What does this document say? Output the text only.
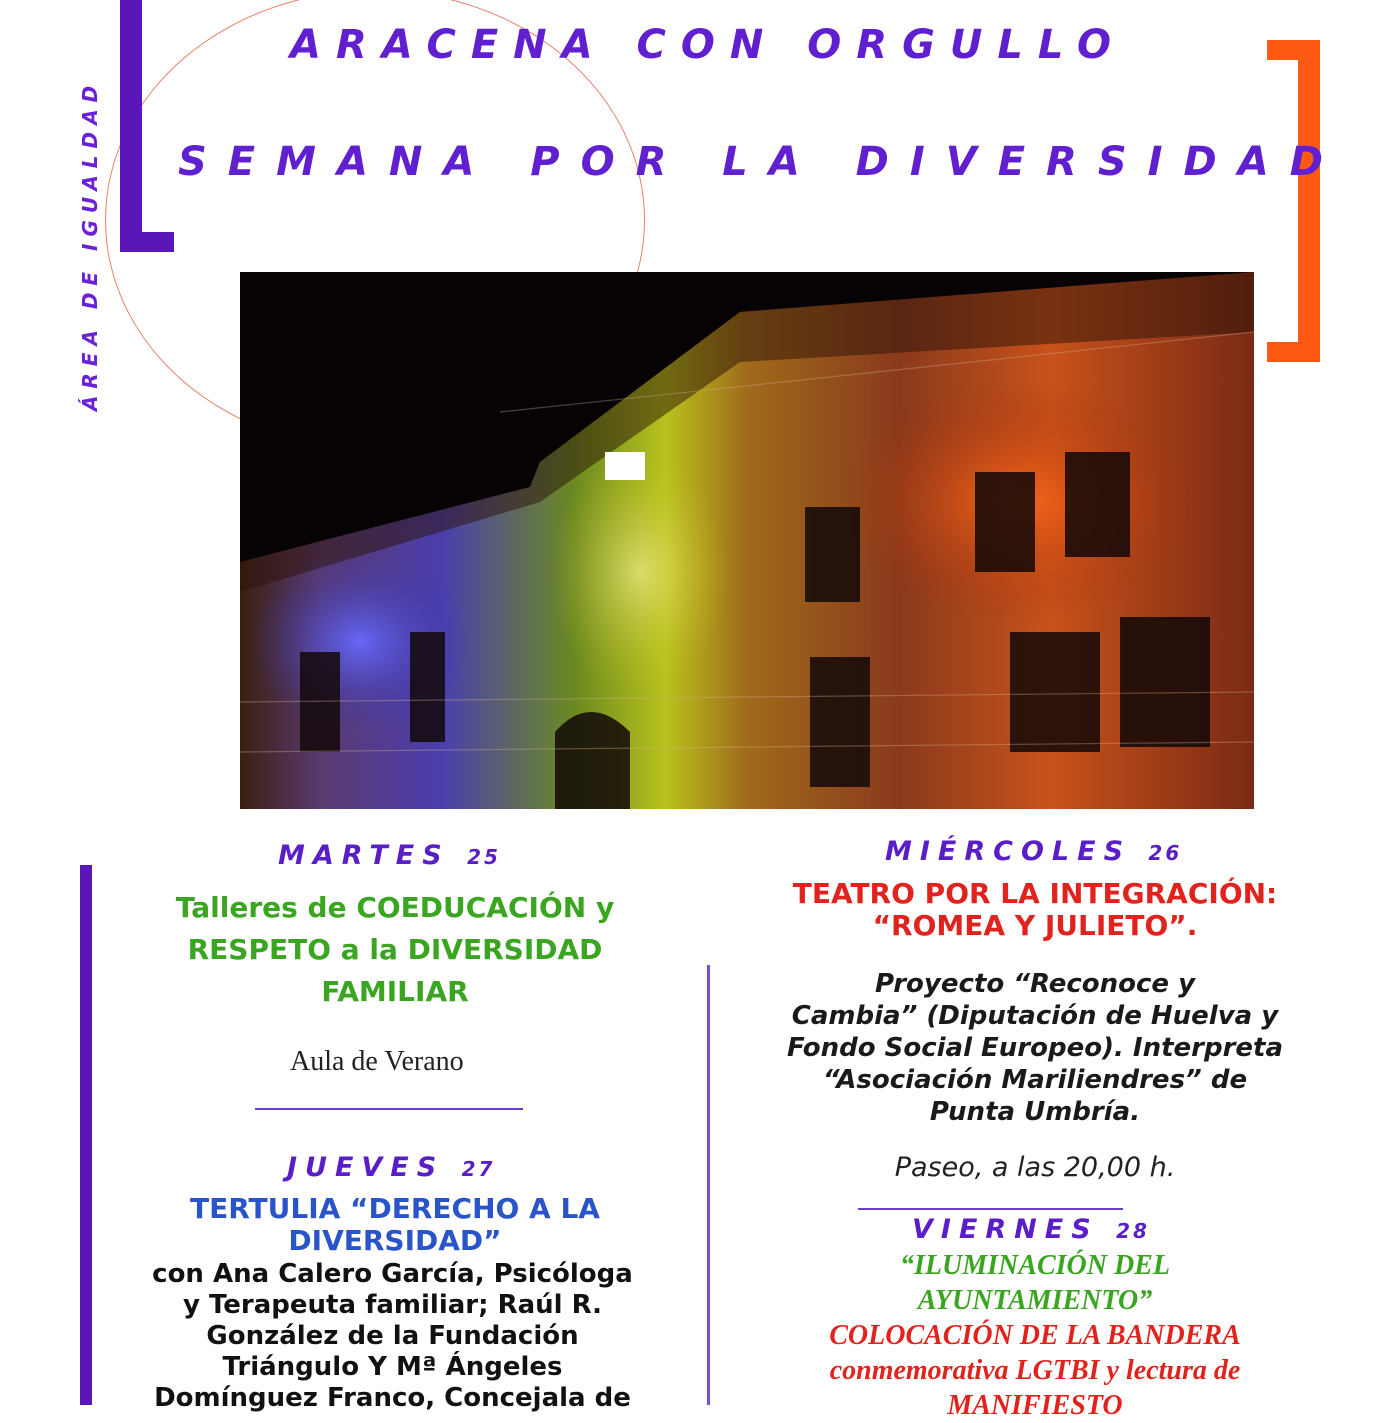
ÁREA DE IGUALDAD
ARACENA CON ORGULLO
SEMANA POR LA DIVERSIDAD
MARTES 25
Talleres de COEDUCACIÓN y
RESPETO a la DIVERSIDAD
FAMILIAR
Aula de Verano
JUEVES 27
TERTULIA “DERECHO A LA
DIVERSIDAD”
con Ana Calero García, Psicóloga
y Terapeuta familiar; Raúl R.
González de la Fundación
Triángulo Y Mª Ángeles
Domínguez Franco, Concejala de
MIÉRCOLES 26
TEATRO POR LA INTEGRACIÓN:
“ROMEA Y JULIETO”.
Proyecto “Reconoce y
Cambia” (Diputación de Huelva y
Fondo Social Europeo). Interpreta
“Asociación Mariliendres” de
Punta Umbría.
Paseo, a las 20,00 h.
VIERNES 28
“ILUMINACIÓN DEL
AYUNTAMIENTO”
COLOCACIÓN DE LA BANDERA
conmemorativa LGTBI y lectura de
MANIFIESTO
